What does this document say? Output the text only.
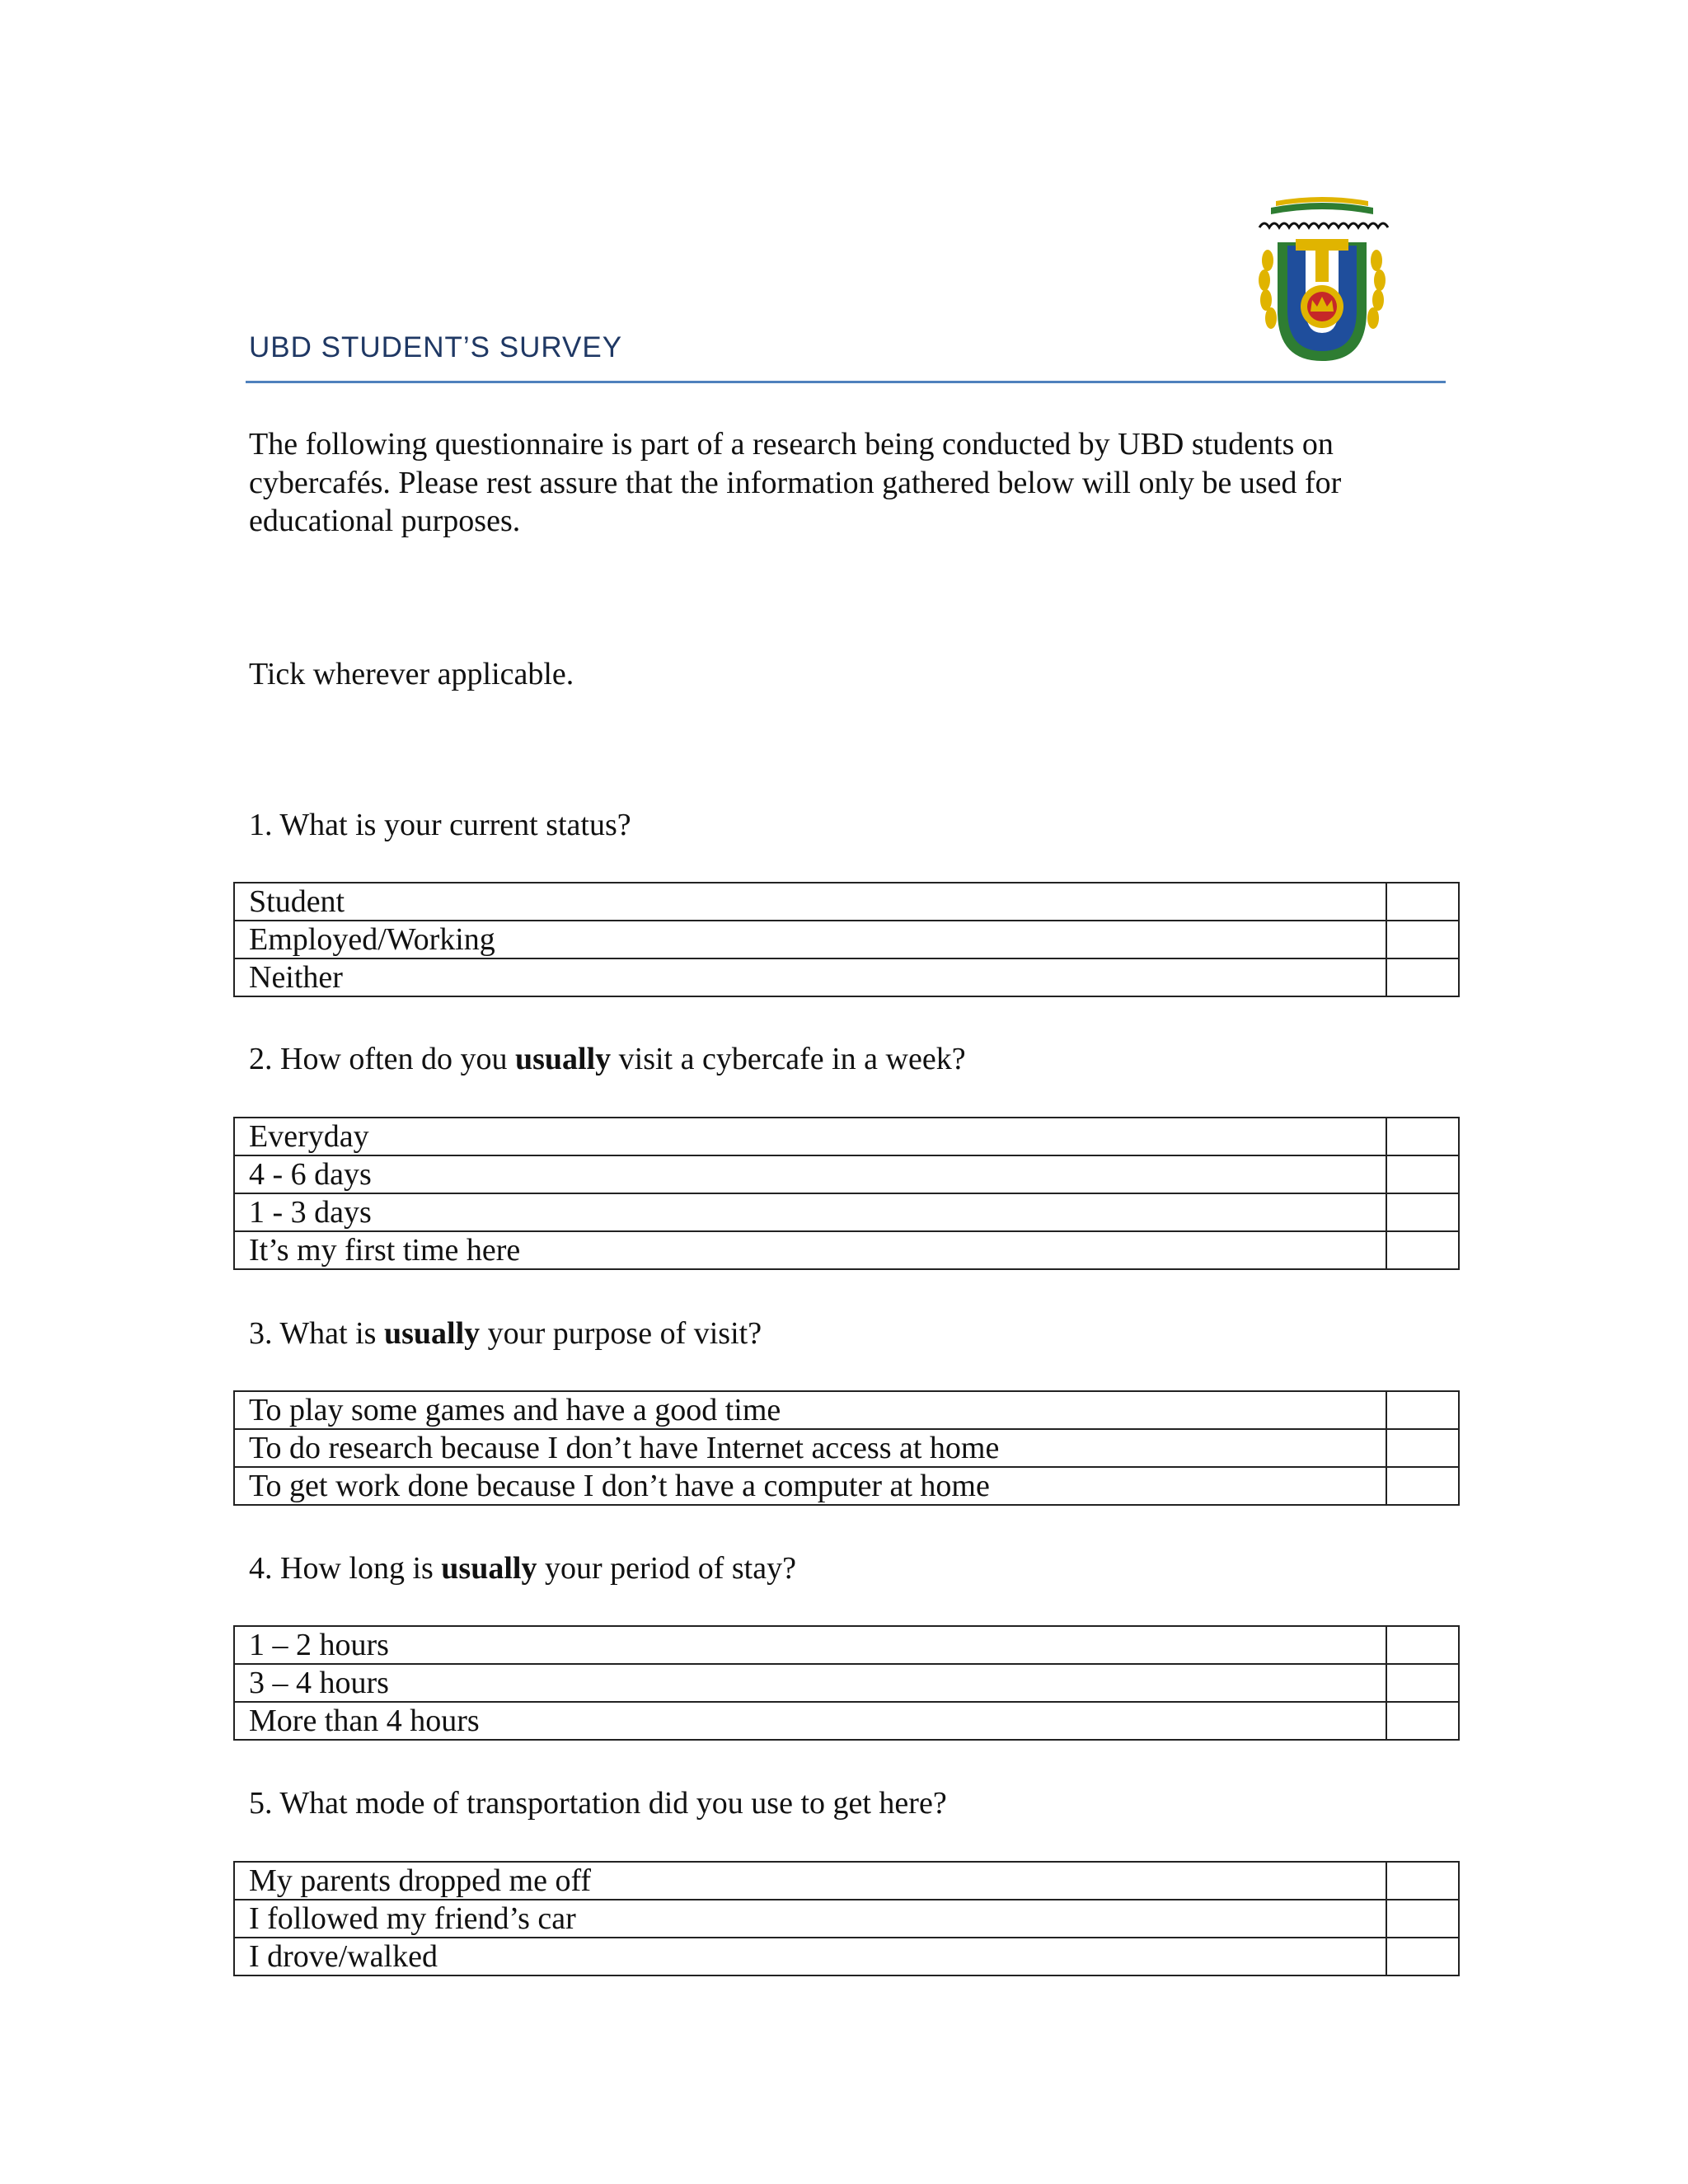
UBD STUDENT’S SURVEY

The following questionnaire is part of a research being conducted by UBD students on cybercafés. Please rest assure that the information gathered below will only be used for educational purposes.

Tick wherever applicable.

1. What is your current status?

Student	
Employed/Working	
Neither	

2. How often do you usually visit a cybercafe in a week?

Everyday	
4 - 6 days	
1 - 3 days	
It’s my first time here	

3. What is usually your purpose of visit?

To play some games and have a good time	
To do research because I don’t have Internet access at home	
To get work done because I don’t have a computer at home	

4. How long is usually your period of stay?

1 – 2 hours	
3 – 4 hours	
More than 4 hours	

5. What mode of transportation did you use to get here?

My parents dropped me off	
I followed my friend’s car	
I drove/walked	
